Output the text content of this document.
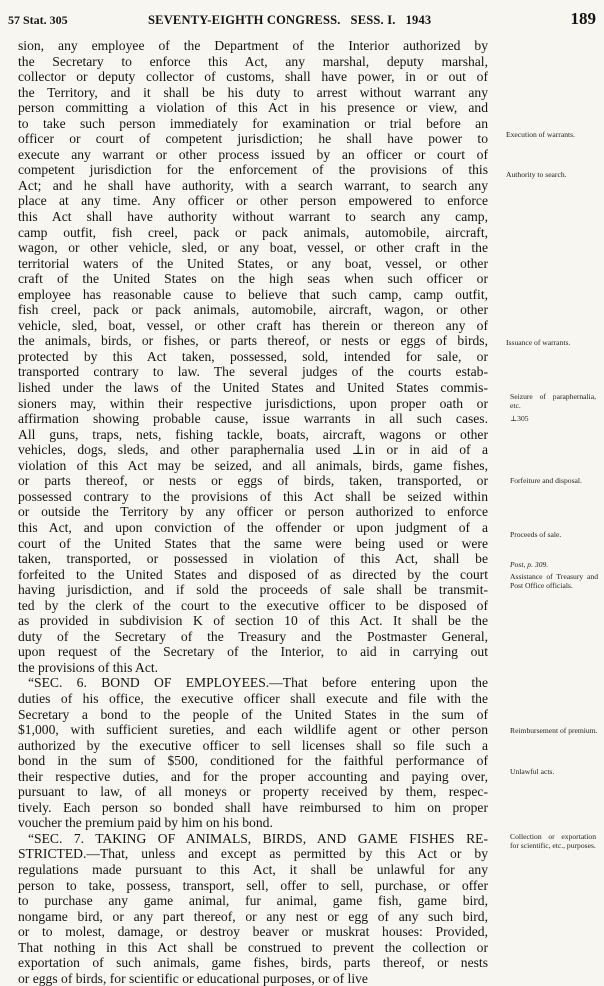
57 Stat. 305	SEVENTY-EIGHTH CONGRESS.   SESS. I.   1943	189
sion, any employee of the Department of the Interior authorized by
the Secretary to enforce this Act, any marshal, deputy marshal,
collector or deputy collector of customs, shall have power, in or out of
the Territory, and it shall be his duty to arrest without warrant any
person committing a violation of this Act in his presence or view, and
to take such person immediately for examination or trial before an
officer or court of competent jurisdiction; he shall have power to
execute any warrant or other process issued by an officer or court of
competent jurisdiction for the enforcement of the provisions of this
Act; and he shall have authority, with a search warrant, to search any
place at any time. Any officer or other person empowered to enforce
this Act shall have authority without warrant to search any camp,
camp outfit, fish creel, pack or pack animals, automobile, aircraft,
wagon, or other vehicle, sled, or any boat, vessel, or other craft in the
territorial waters of the United States, or any boat, vessel, or other
craft of the United States on the high seas when such officer or
employee has reasonable cause to believe that such camp, camp outfit,
fish creel, pack or pack animals, automobile, aircraft, wagon, or other
vehicle, sled, boat, vessel, or other craft has therein or thereon any of
the animals, birds, or fishes, or parts thereof, or nests or eggs of birds,
protected by this Act taken, possessed, sold, intended for sale, or
transported contrary to law. The several judges of the courts estab-
lished under the laws of the United States and United States commis-
sioners may, within their respective jurisdictions, upon proper oath or
affirmation showing probable cause, issue warrants in all such cases.
All guns, traps, nets, fishing tackle, boats, aircraft, wagons or other
vehicles, dogs, sleds, and other paraphernalia used ⊥in or in aid of a
violation of this Act may be seized, and all animals, birds, game fishes,
or parts thereof, or nests or eggs of birds, taken, transported, or
possessed contrary to the provisions of this Act shall be seized within
or outside the Territory by any officer or person authorized to enforce
this Act, and upon conviction of the offender or upon judgment of a
court of the United States that the same were being used or were
taken, transported, or possessed in violation of this Act, shall be
forfeited to the United States and disposed of as directed by the court
having jurisdiction, and if sold the proceeds of sale shall be transmit-
ted by the clerk of the court to the executive officer to be disposed of
as provided in subdivision K of section 10 of this Act. It shall be the
duty of the Secretary of the Treasury and the Postmaster General,
upon request of the Secretary of the Interior, to aid in carrying out
the provisions of this Act.
“SEC. 6. BOND OF EMPLOYEES.—That before entering upon the
duties of his office, the executive officer shall execute and file with the
Secretary a bond to the people of the United States in the sum of
$1,000, with sufficient sureties, and each wildlife agent or other person
authorized by the executive officer to sell licenses shall so file such a
bond in the sum of $500, conditioned for the faithful performance of
their respective duties, and for the proper accounting and paying over,
pursuant to law, of all moneys or property received by them, respec-
tively. Each person so bonded shall have reimbursed to him on proper
voucher the premium paid by him on his bond.
“SEC. 7. TAKING OF ANIMALS, BIRDS, AND GAME FISHES RE-
STRICTED.—That, unless and except as permitted by this Act or by
regulations made pursuant to this Act, it shall be unlawful for any
person to take, possess, transport, sell, offer to sell, purchase, or offer
to purchase any game animal, fur animal, game fish, game bird,
nongame bird, or any part thereof, or any nest or egg of any such bird,
or to molest, damage, or destroy beaver or muskrat houses: Provided,
That nothing in this Act shall be construed to prevent the collection or
exportation of such animals, game fishes, birds, parts thereof, or nests
or eggs of birds, for scientific or educational purposes, or of live
Execution of warrants.
Authority to search.
Issuance of warrants.
Seizure of paraphernalia, etc.
⊥305
Forfeiture and disposal.
Proceeds of sale.
Post, p. 309.
Assistance of Treasury and Post Office officials.
Reimbursement of premium.
Unlawful acts.
Collection or exportation for scientific, etc., purposes.
